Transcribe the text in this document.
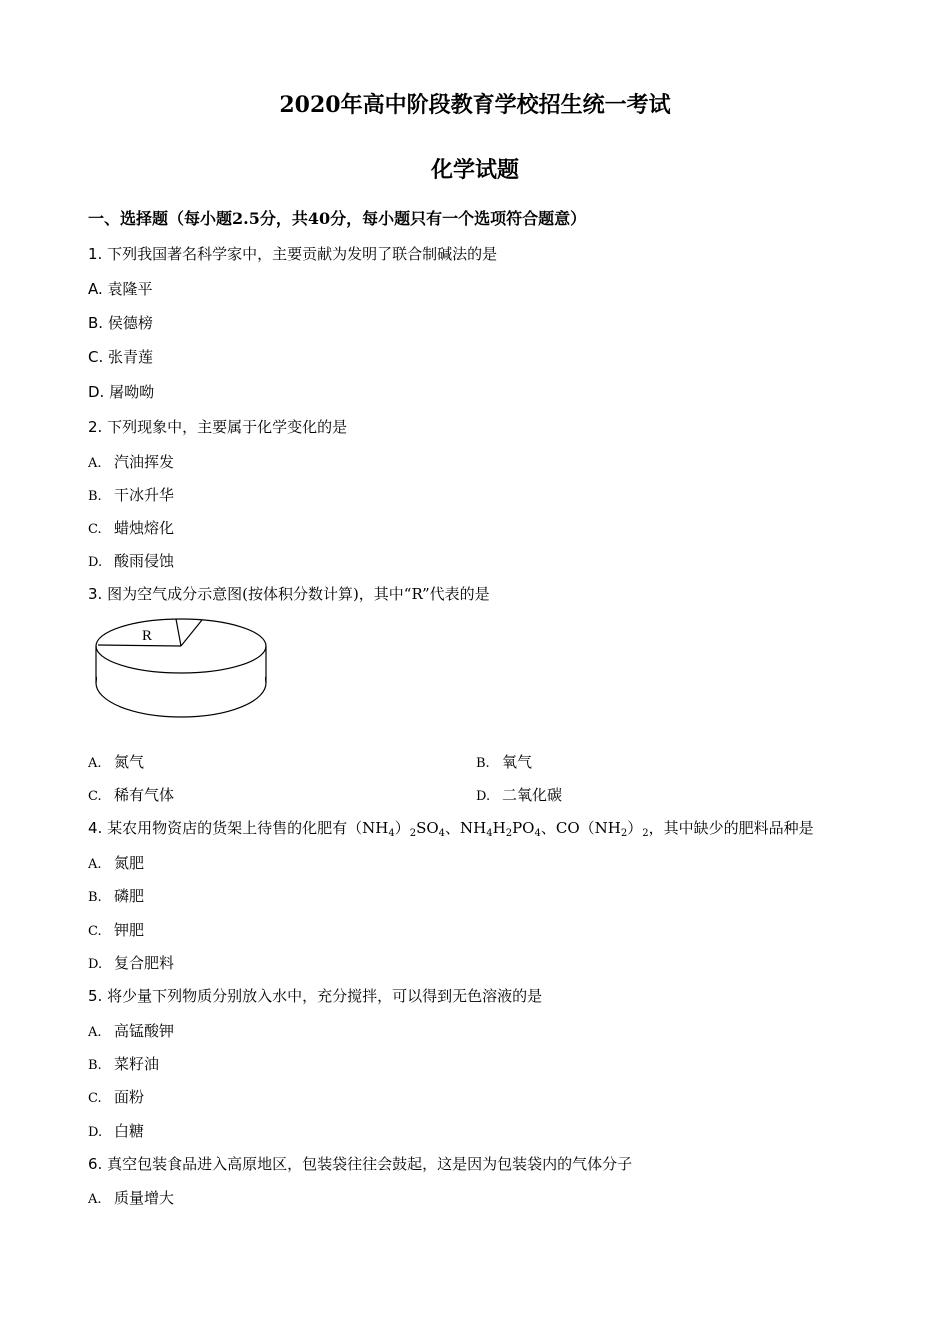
2020年高中阶段教育学校招生统一考试
化学试题
一、选择题（每小题2.5分，共40分，每小题只有一个选项符合题意）
1. 下列我国著名科学家中，主要贡献为发明了联合制碱法的是
A. 袁隆平
B. 侯德榜
C. 张青莲
D. 屠呦呦
2. 下列现象中，主要属于化学变化的是
A. 汽油挥发
B. 干冰升华
C. 蜡烛熔化
D. 酸雨侵蚀
3. 图为空气成分示意图(按体积分数计算)，其中“R”代表的是
R
A. 氮气	B. 氧气
C. 稀有气体	D. 二氧化碳
4. 某农用物资店的货架上待售的化肥有$(NH_4)_2SO_4$、$NH_4H_2PO_4$、$CO(NH_2)_2$，其中缺少的肥料品种是
A. 氮肥
B. 磷肥
C. 钾肥
D. 复合肥料
5. 将少量下列物质分别放入水中，充分搅拌，可以得到无色溶液的是
A. 高锰酸钾
B. 菜籽油
C. 面粉
D. 白糖
6. 真空包装食品进入高原地区，包装袋往往会鼓起，这是因为包装袋内的气体分子
A. 质量增大
